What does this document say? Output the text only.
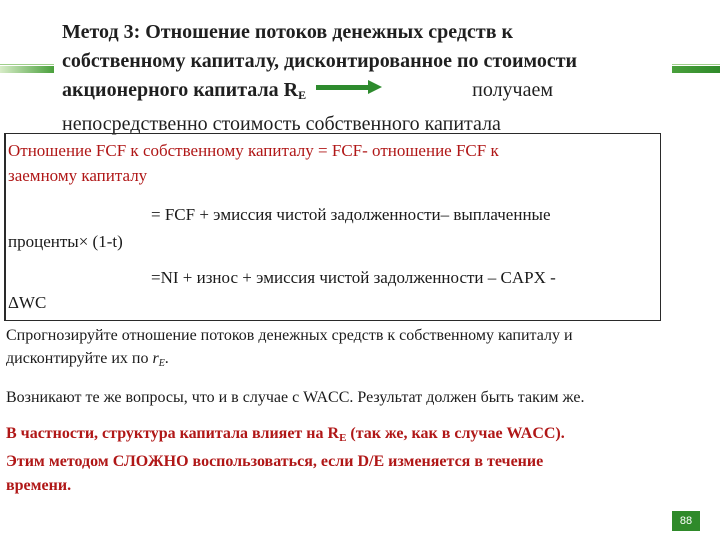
Метод 3: Отношение потоков денежных средств к
собственному капиталу, дисконтированное по стоимости
акционерного капитала $R_E$	получаем
непосредственно стоимость собственного капитала
Отношение FCF к собственному капиталу = FCF- отношение FCF к
заемному капиталу
= FCF + эмиссия чистой задолженности– выплаченные
проценты× (1-t)
=NI + износ + эмиссия чистой задолженности – CAPX -
ΔWC
Спрогнозируйте отношение потоков денежных средств к собственному капиталу и
дисконтируйте их по $r_E$.
Возникают те же вопросы, что и в случае с WACC. Результат должен быть таким же.
В частности, структура капитала влияет на $R_E$ (так же, как в случае WACC).
Этим методом СЛОЖНО воспользоваться, если D/E изменяется в течение
времени.
88
